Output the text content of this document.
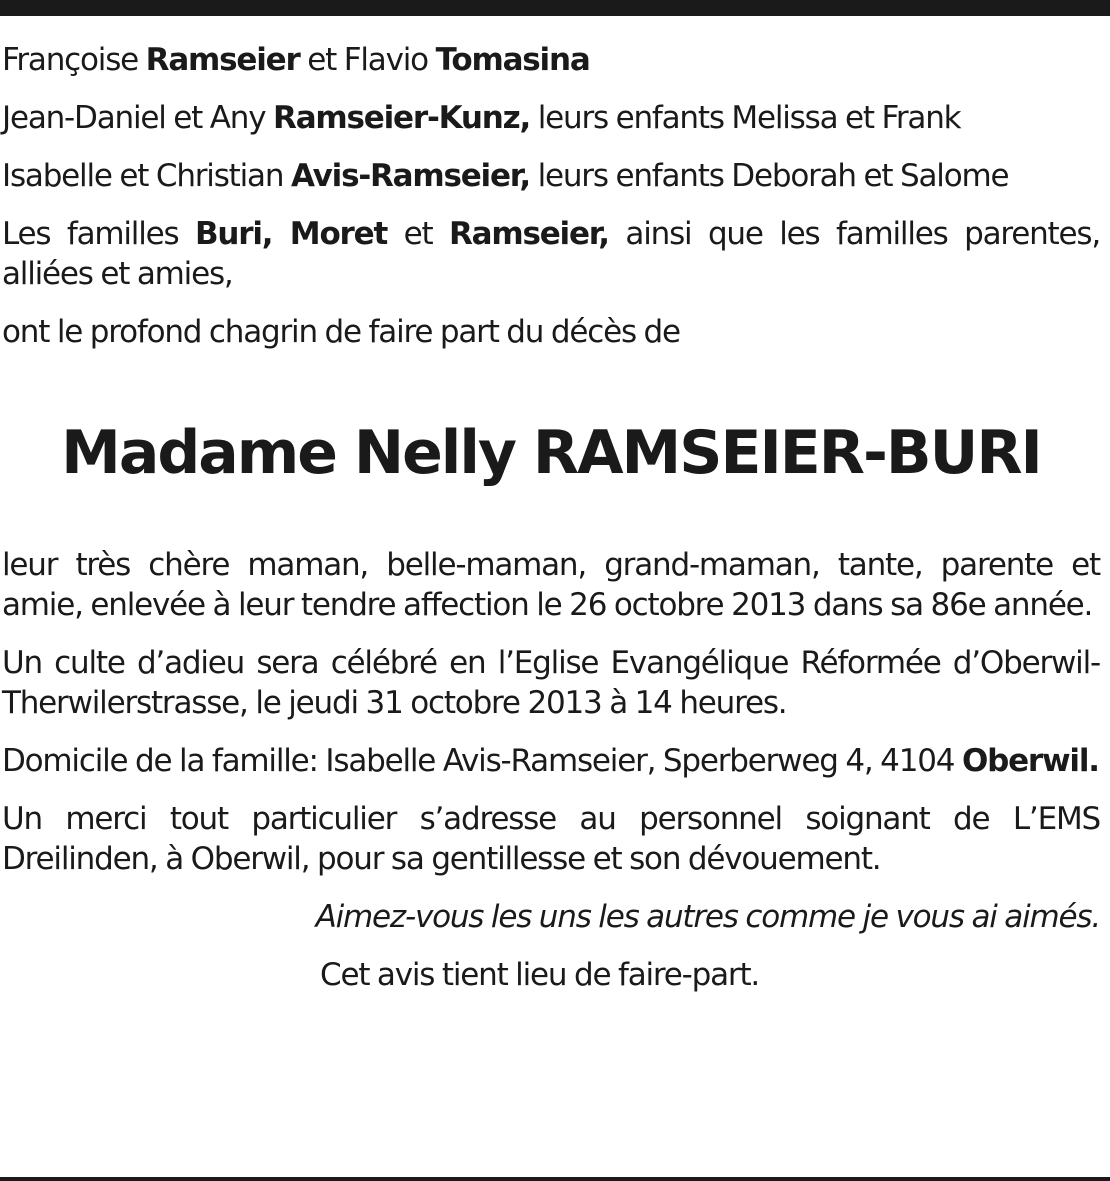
Françoise Ramseier et Flavio Tomasina

Jean-Daniel et Any Ramseier-Kunz, leurs enfants Melissa et Frank

Isabelle et Christian Avis-Ramseier, leurs enfants Deborah et Salome

Les familles Buri, Moret et Ramseier, ainsi que les familles parentes, alliées et amies,

ont le profond chagrin de faire part du décès de

Madame Nelly RAMSEIER-BURI

leur très chère maman, belle-maman, grand-maman, tante, parente et amie, enlevée à leur tendre affection le 26 octobre 2013 dans sa 86e année.

Un culte d’adieu sera célébré en l’Eglise Evangélique Réformée d’Oberwil-Therwilerstrasse, le jeudi 31 octobre 2013 à 14 heures.

Domicile de la famille: Isabelle Avis-Ramseier, Sperberweg 4, 4104 Oberwil.

Un merci tout particulier s’adresse au personnel soignant de L’EMS Dreilinden, à Oberwil, pour sa gentillesse et son dévouement.

Aimez-vous les uns les autres comme je vous ai aimés.

Cet avis tient lieu de faire-part.
